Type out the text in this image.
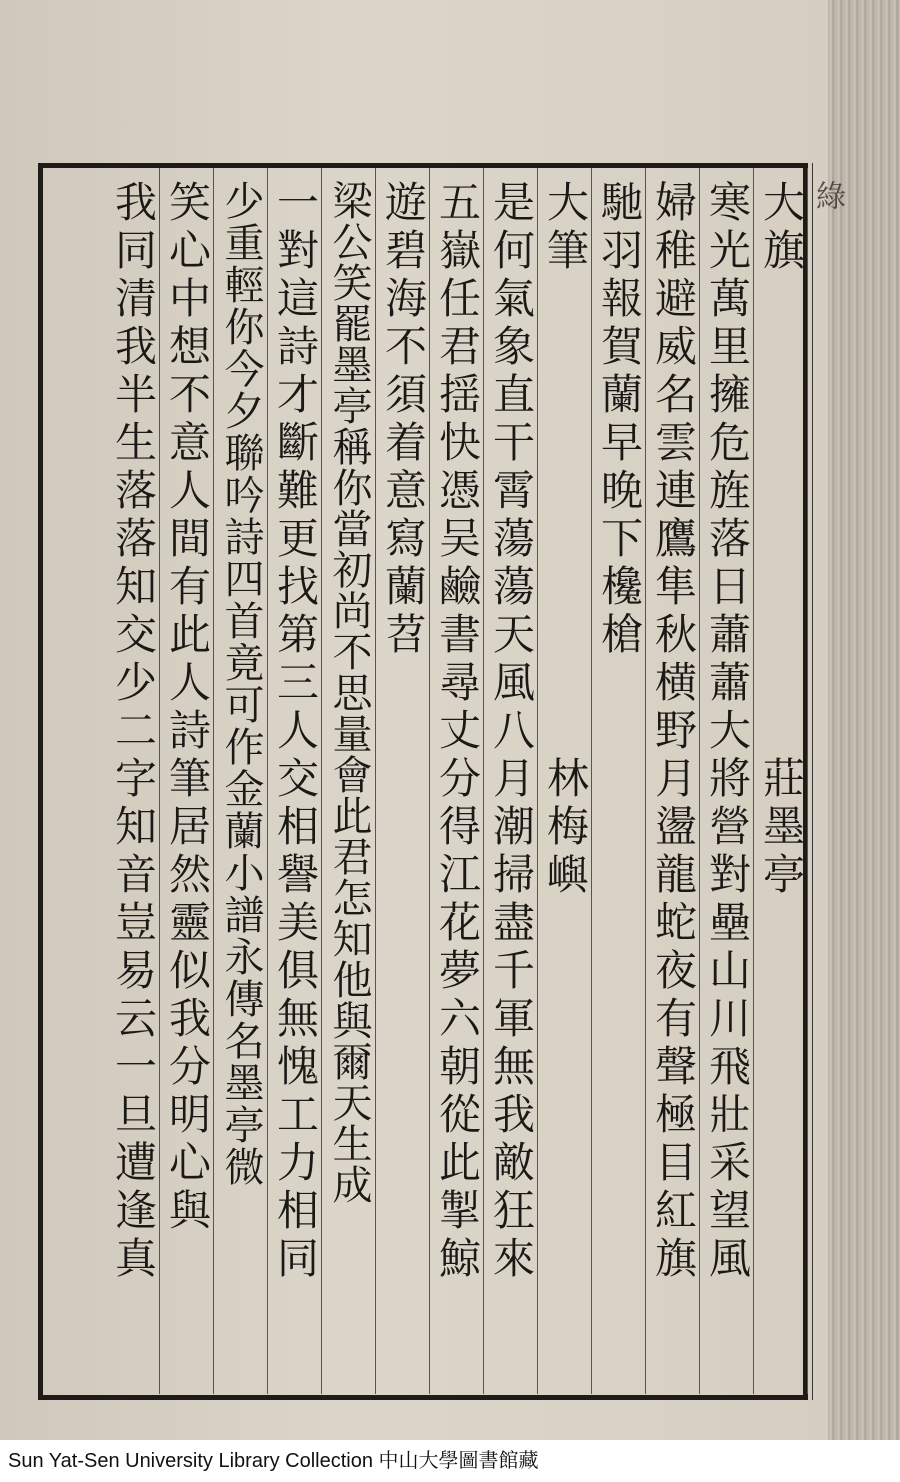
綠
大旗　　　　　　　　　　莊墨亭
寒光萬里擁危旌落日蕭蕭大將營對壘山川飛壯采望風
婦稚避威名雲連鷹隼秋横野月盪龍蛇夜有聲極目紅旗
馳羽報賀蘭早晚下欃槍
大筆　　　　　　　　　　林梅嶼
是何氣象直干霄蕩蕩天風八月潮掃盡千軍無我敵狂來
五嶽任君揺快憑吴鹼書尋丈分得江花夢六朝從此掣鯨
遊碧海不須着意寫蘭苕
梁公笑罷墨亭稱你當初尚不思量會此君怎知他與爾天生成
一對這詩才斷難更找第三人交相譽美俱無愧工力相同
少重輕你今夕聯吟詩四首竟可作金蘭小譜永傳名墨亭微
笑心中想不意人間有此人詩筆居然靈似我分明心與
我同清我半生落落知交少二字知音豈易云一旦遭逢真
Sun Yat-Sen University Library Collection 中山大學圖書館藏
